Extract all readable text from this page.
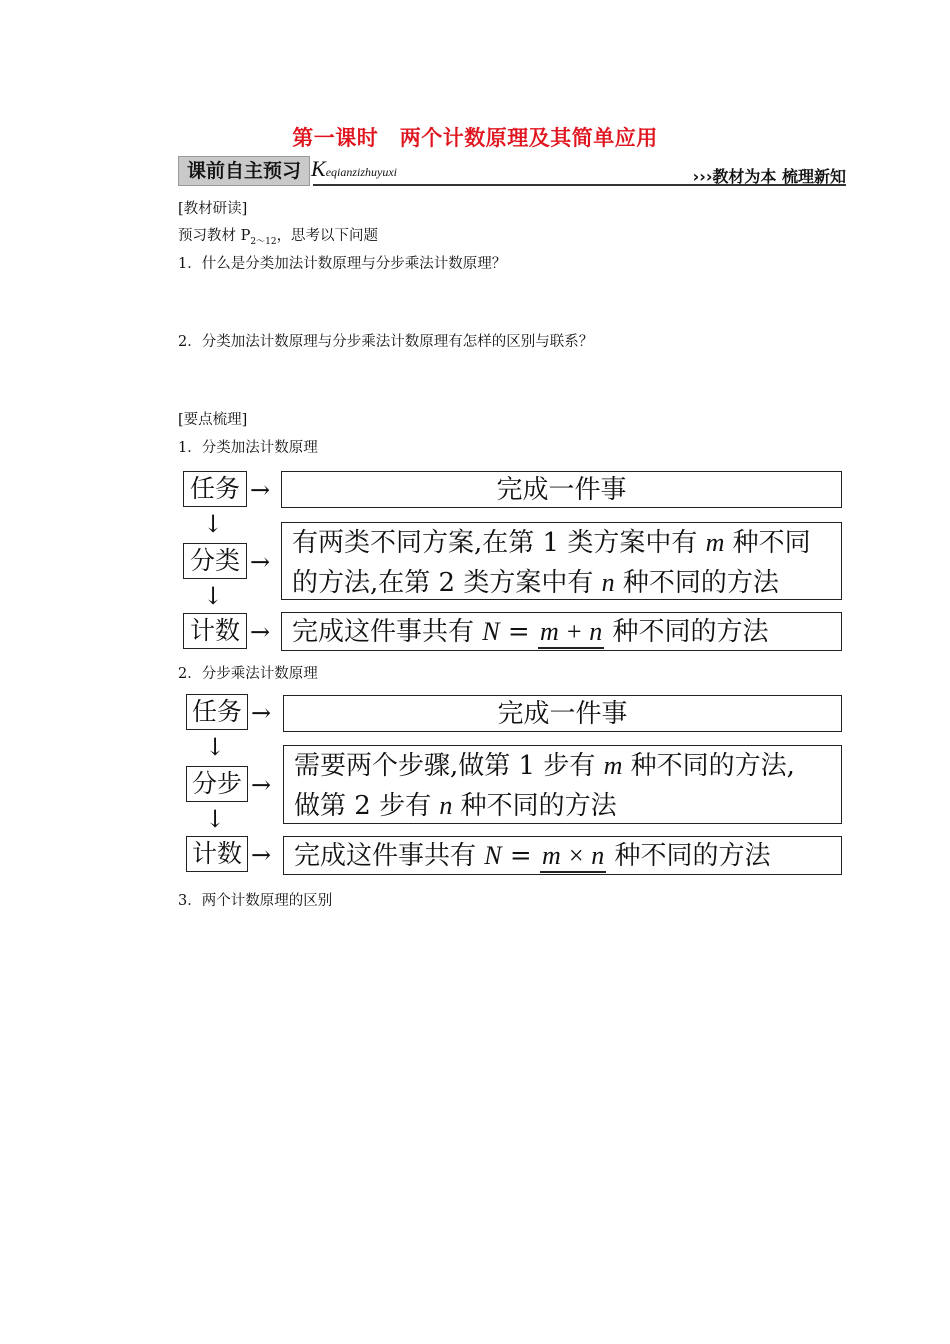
第一课时　两个计数原理及其简单应用
课前自主预习 Keqianzizhuyuxi	›››教材为本 梳理新知
[教材研读]
预习教材 $P_{2\sim 12}$，思考以下问题
1．什么是分类加法计数原理与分步乘法计数原理？
2．分类加法计数原理与分步乘法计数原理有怎样的区别与联系？
[要点梳理]
1．分类加法计数原理
任务 →	完成一件事
↓
分类 →
有两类不同方案,在第 1 类方案中有 m 种不同
的方法,在第 2 类方案中有 n 种不同的方法
↓
计数 → 完成这件事共有 N = m + n 种不同的方法
2．分步乘法计数原理
任务 →	完成一件事
↓
分步 →
需要两个步骤,做第 1 步有 m 种不同的方法,
做第 2 步有 n 种不同的方法
↓
计数 → 完成这件事共有 N = m × n 种不同的方法
3．两个计数原理的区别
